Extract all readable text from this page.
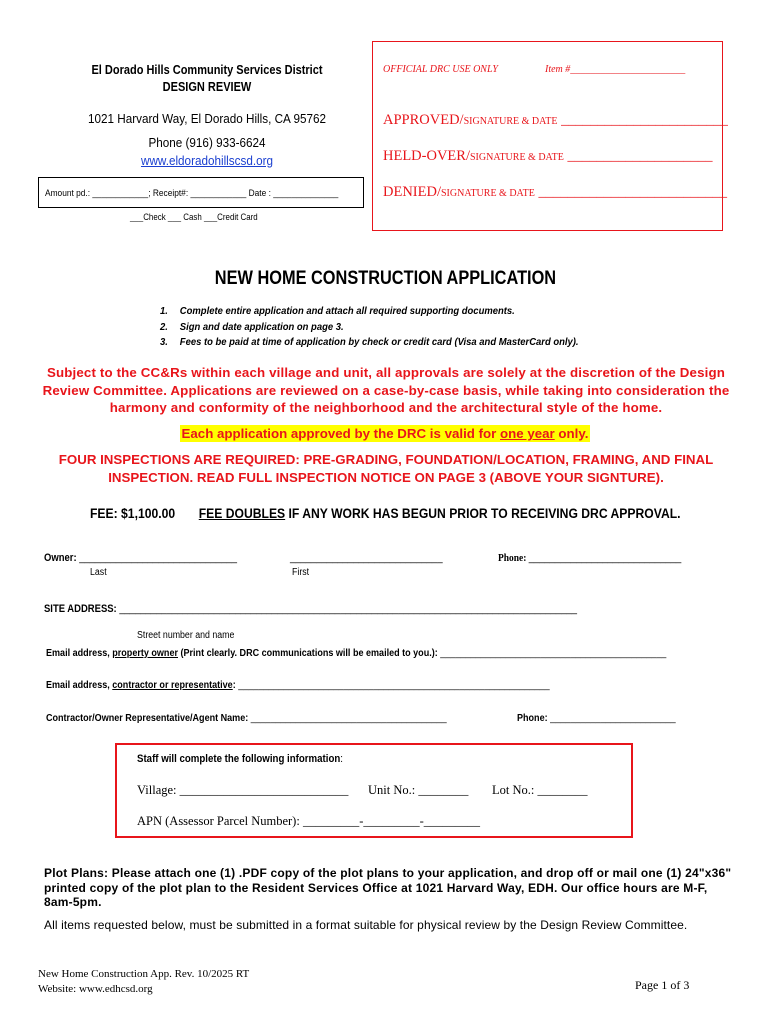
El Dorado Hills Community Services District
DESIGN REVIEW
1021 Harvard Way, El Dorado Hills, CA 95762
Phone (916) 933-6624
www.eldoradohillscsd.org
Amount pd.: ____________; Receipt#: ____________ Date : ______________
___Check ___ Cash ___Credit Card
OFFICIAL DRC USE ONLY	Item #_______________________
APPROVED/SIGNATURE & DATE _______________________
HELD-OVER/SIGNATURE & DATE ____________________
DENIED/SIGNATURE & DATE __________________________
NEW HOME CONSTRUCTION APPLICATION
1. Complete entire application and attach all required supporting documents.
2. Sign and date application on page 3.
3. Fees to be paid at time of application by check or credit card (Visa and MasterCard only).
Subject to the CC&Rs within each village and unit, all approvals are solely at the discretion of the Design Review Committee. Applications are reviewed on a case-by-case basis, while taking into consideration the harmony and conformity of the neighborhood and the architectural style of the home.
Each application approved by the DRC is valid for one year only.
FOUR INSPECTIONS ARE REQUIRED: PRE-GRADING, FOUNDATION/LOCATION, FRAMING, AND FINAL INSPECTION. READ FULL INSPECTION NOTICE ON PAGE 3 (ABOVE YOUR SIGNTURE).
FEE: $1,100.00 FEE DOUBLES IF ANY WORK HAS BEGUN PRIOR TO RECEIVING DRC APPROVAL.
Owner: ______________________________	_____________________________	Phone: _____________________________
Last	First
SITE ADDRESS: _______________________________________________________________________________________
Street number and name
Email address, property owner (Print clearly. DRC communications will be emailed to you.): _____________________________________________
Email address, contractor or representative: ______________________________________________________________
Contractor/Owner Representative/Agent Name: _______________________________________	Phone: _________________________
Staff will complete the following information:
Village: ___________________________ Unit No.: ________ Lot No.: ________
APN (Assessor Parcel Number): _________-_________-_________
Plot Plans: Please attach one (1) .PDF copy of the plot plans to your application, and drop off or mail one (1) 24"x36" printed copy of the plot plan to the Resident Services Office at 1021 Harvard Way, EDH. Our office hours are M-F, 8am-5pm.
All items requested below, must be submitted in a format suitable for physical review by the Design Review Committee.
New Home Construction App. Rev. 10/2025 RT
Website: www.edhcsd.org	Page 1 of 3
